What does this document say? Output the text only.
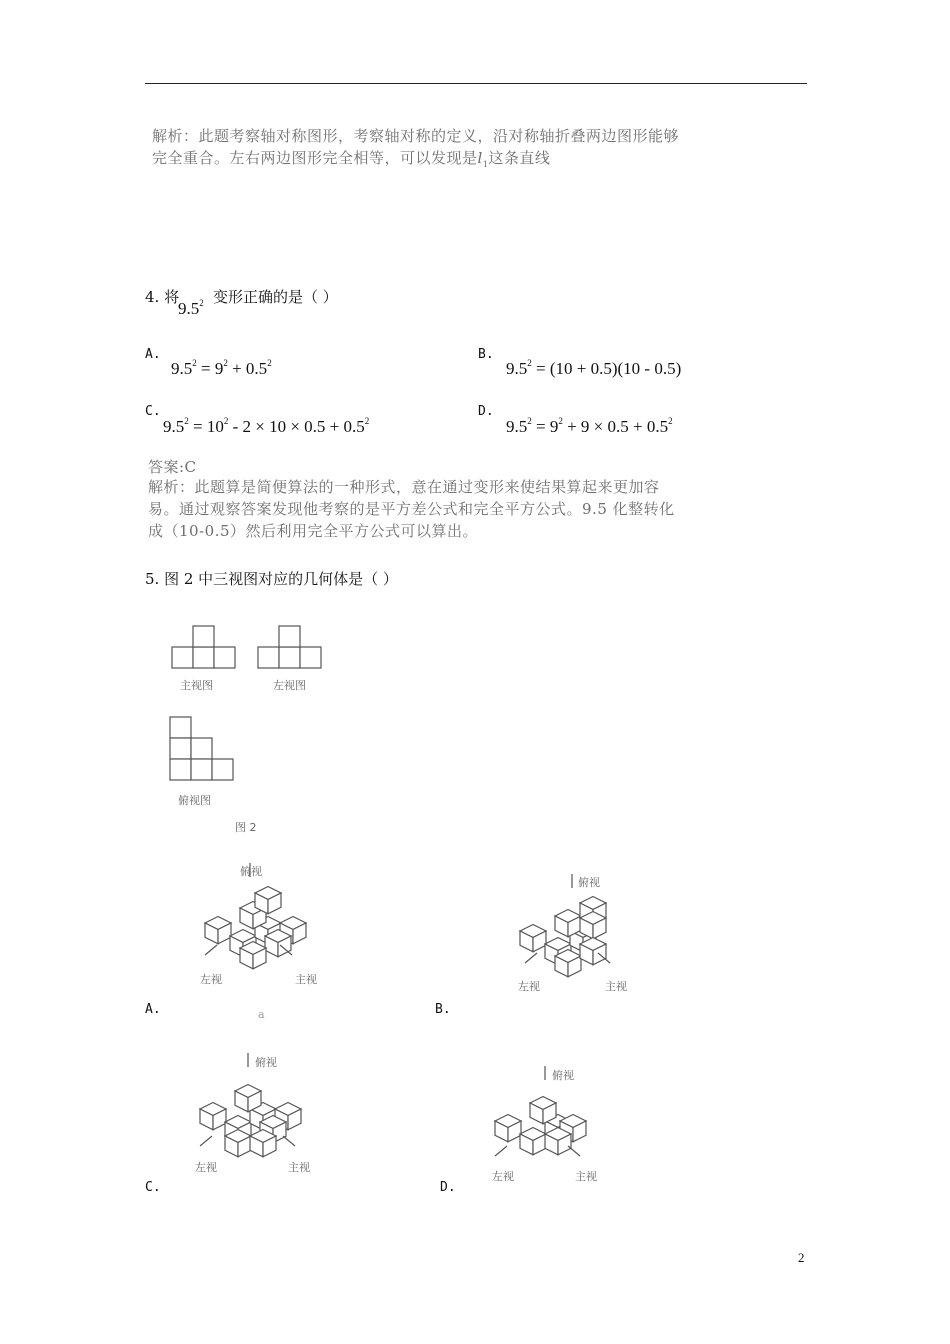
解析：此题考察轴对称图形，考察轴对称的定义，沿对称轴折叠两边图形能够
完全重合。左右两边图形完全相等，可以发现是$l_1$这条直线
4. 将
$9.5^2$ 变形正确的是（ ）
A.
$9.5^2 = 9^2 + 0.5^2$
B.
$9.5^2 = (10 + 0.5)(10 - 0.5)$
C.
$9.5^2 = 10^2 - 2 \times 10 \times 0.5 + 0.5^2$
D.
$9.5^2 = 9^2 + 9 \times 0.5 + 0.5^2$
答案:C
解析：此题算是简便算法的一种形式，意在通过变形来使结果算起来更加容
易。通过观察答案发现他考察的是平方差公式和完全平方公式。9.5 化整转化
成（10-0.5）然后利用完全平方公式可以算出。
5. 图 2 中三视图对应的几何体是（ ）
主视图	左视图
俯视图
图 2
俯视
左视	主视
俯视
左视	主视
俯视
左视	主视
俯视
左视	主视
A.	a	B.
C.	D.
2
